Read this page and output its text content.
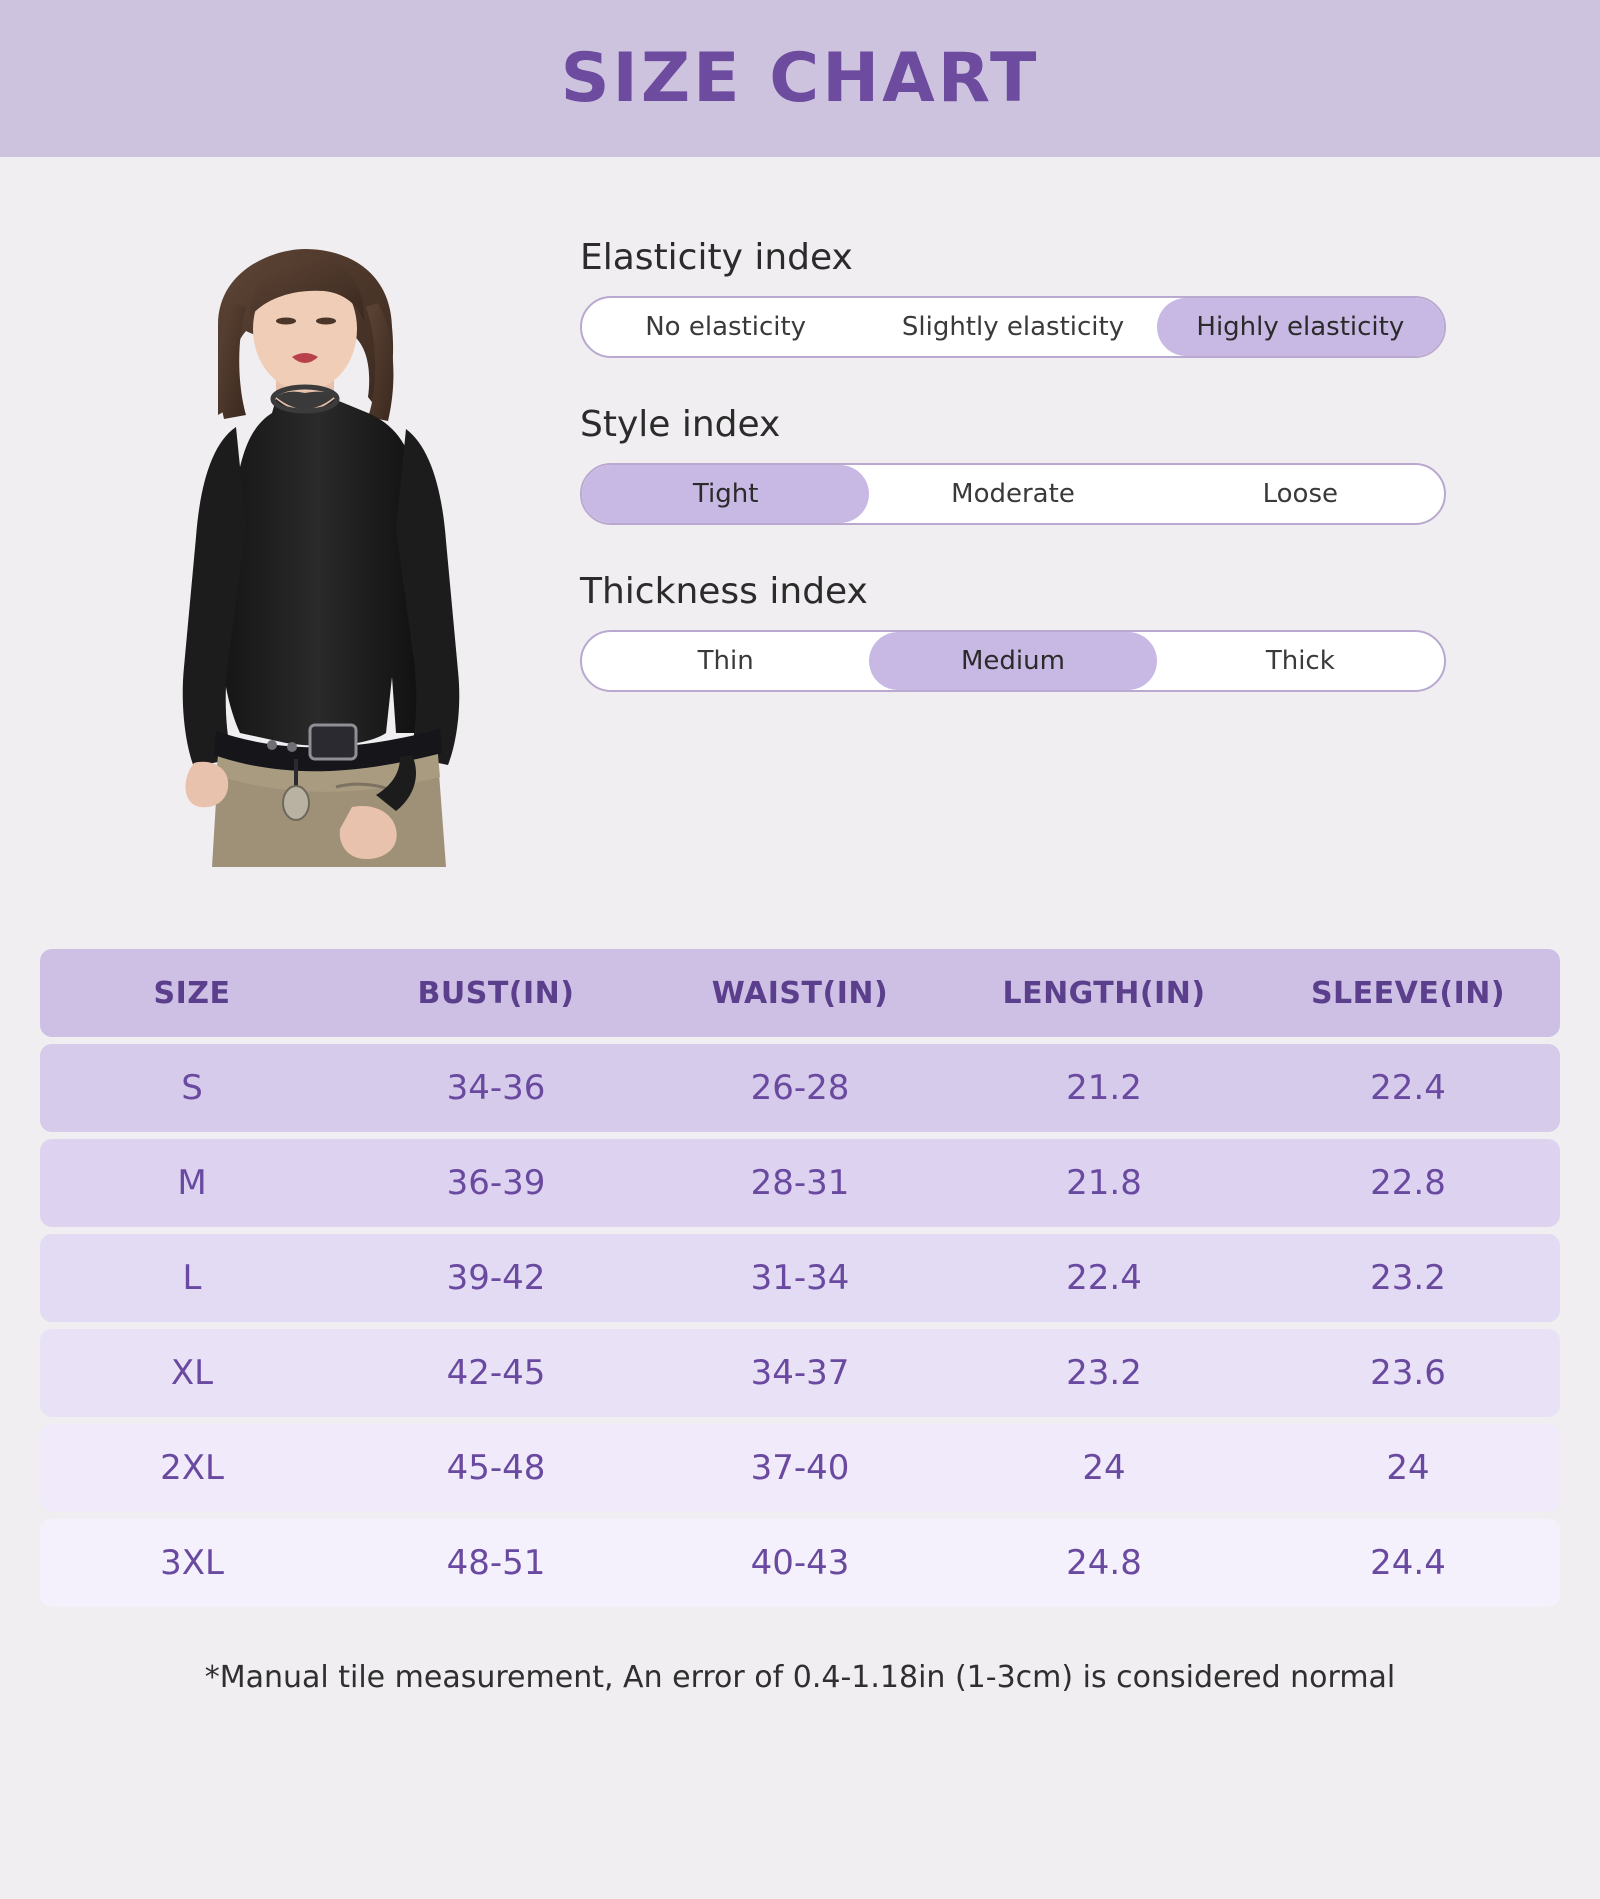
SIZE CHART
Elasticity index
No elasticity	Slightly elasticity	Highly elasticity
Style index
Tight	Moderate	Loose
Thickness index
Thin	Medium	Thick
SIZE	BUST(IN)	WAIST(IN)	LENGTH(IN)	SLEEVE(IN)
S	34-36	26-28	21.2	22.4
M	36-39	28-31	21.8	22.8
L	39-42	31-34	22.4	23.2
XL	42-45	34-37	23.2	23.6
2XL	45-48	37-40	24	24
3XL	48-51	40-43	24.8	24.4
*Manual tile measurement, An error of 0.4-1.18in (1-3cm) is considered normal
